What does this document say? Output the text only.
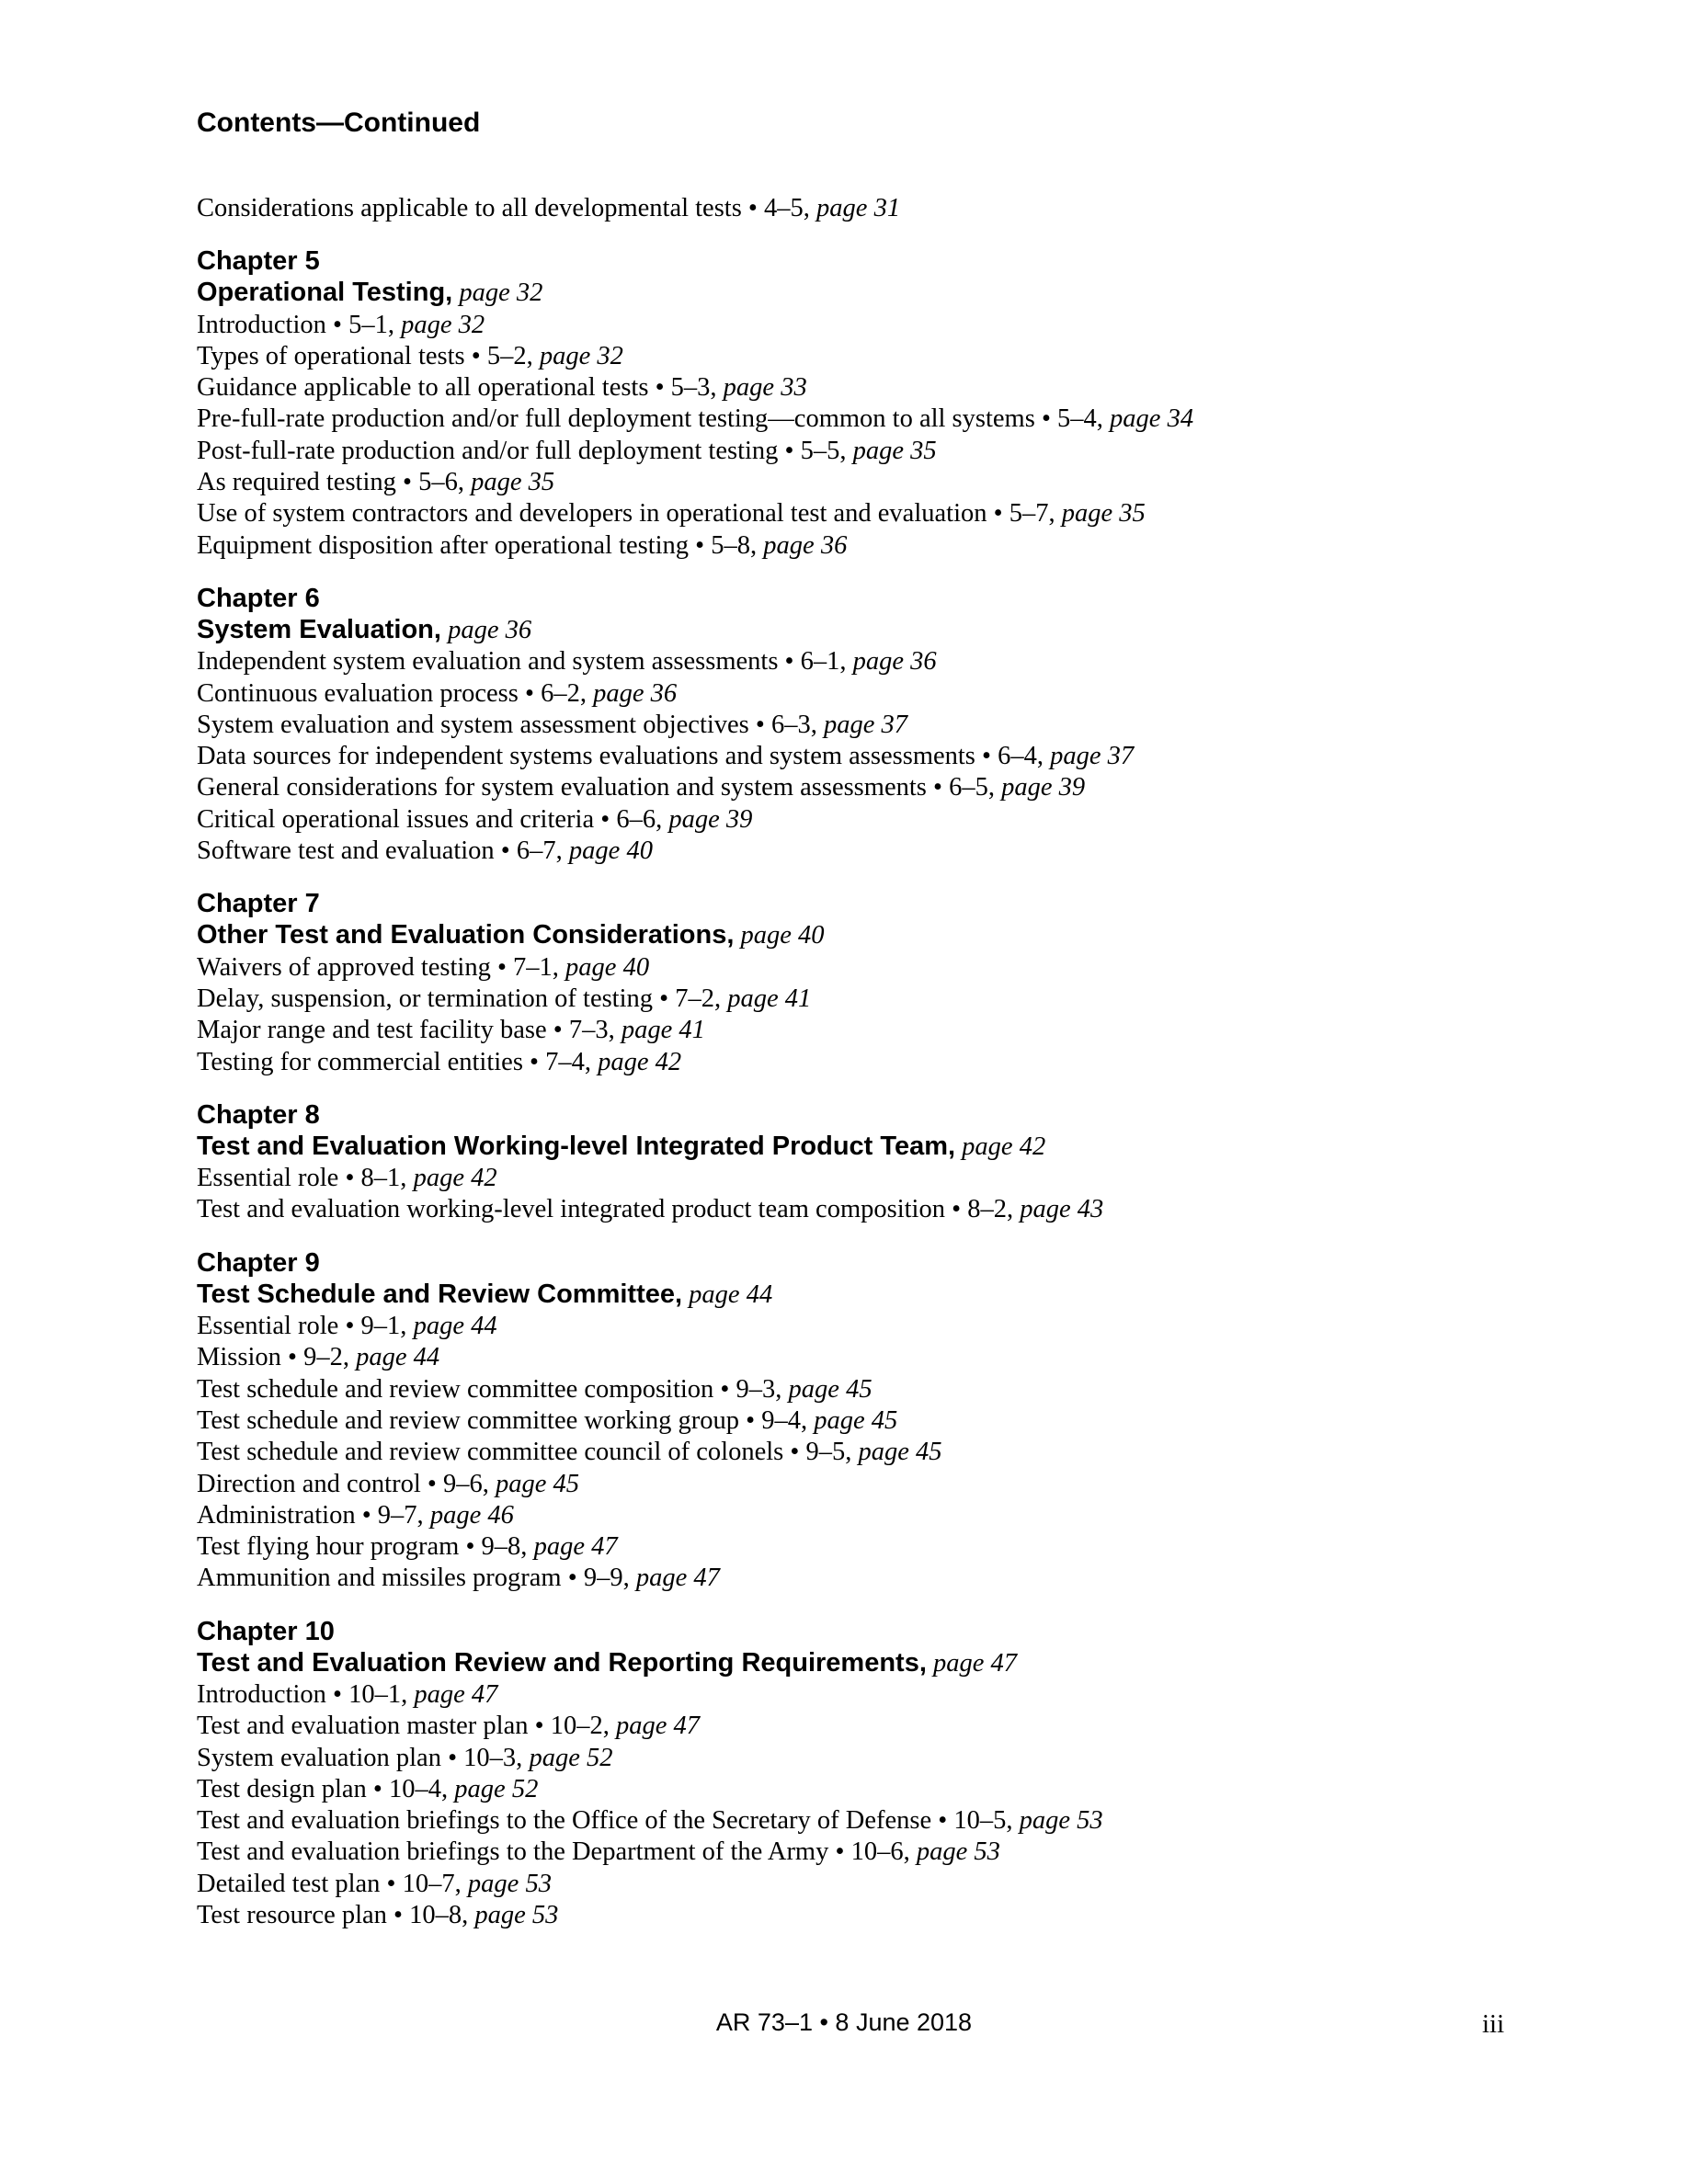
Contents—Continued
Considerations applicable to all developmental tests • 4–5, page 31
Chapter 5
Operational Testing, page 32
Introduction • 5–1, page 32
Types of operational tests • 5–2, page 32
Guidance applicable to all operational tests • 5–3, page 33
Pre-full-rate production and/or full deployment testing—common to all systems • 5–4, page 34
Post-full-rate production and/or full deployment testing • 5–5, page 35
As required testing • 5–6, page 35
Use of system contractors and developers in operational test and evaluation • 5–7, page 35
Equipment disposition after operational testing • 5–8, page 36
Chapter 6
System Evaluation, page 36
Independent system evaluation and system assessments • 6–1, page 36
Continuous evaluation process • 6–2, page 36
System evaluation and system assessment objectives • 6–3, page 37
Data sources for independent systems evaluations and system assessments • 6–4, page 37
General considerations for system evaluation and system assessments • 6–5, page 39
Critical operational issues and criteria • 6–6, page 39
Software test and evaluation • 6–7, page 40
Chapter 7
Other Test and Evaluation Considerations, page 40
Waivers of approved testing • 7–1, page 40
Delay, suspension, or termination of testing • 7–2, page 41
Major range and test facility base • 7–3, page 41
Testing for commercial entities • 7–4, page 42
Chapter 8
Test and Evaluation Working-level Integrated Product Team, page 42
Essential role • 8–1, page 42
Test and evaluation working-level integrated product team composition • 8–2, page 43
Chapter 9
Test Schedule and Review Committee, page 44
Essential role • 9–1, page 44
Mission • 9–2, page 44
Test schedule and review committee composition • 9–3, page 45
Test schedule and review committee working group • 9–4, page 45
Test schedule and review committee council of colonels • 9–5, page 45
Direction and control • 9–6, page 45
Administration • 9–7, page 46
Test flying hour program • 9–8, page 47
Ammunition and missiles program • 9–9, page 47
Chapter 10
Test and Evaluation Review and Reporting Requirements, page 47
Introduction • 10–1, page 47
Test and evaluation master plan • 10–2, page 47
System evaluation plan • 10–3, page 52
Test design plan • 10–4, page 52
Test and evaluation briefings to the Office of the Secretary of Defense • 10–5, page 53
Test and evaluation briefings to the Department of the Army • 10–6, page 53
Detailed test plan • 10–7, page 53
Test resource plan • 10–8, page 53
AR 73–1 • 8 June 2018	iii
